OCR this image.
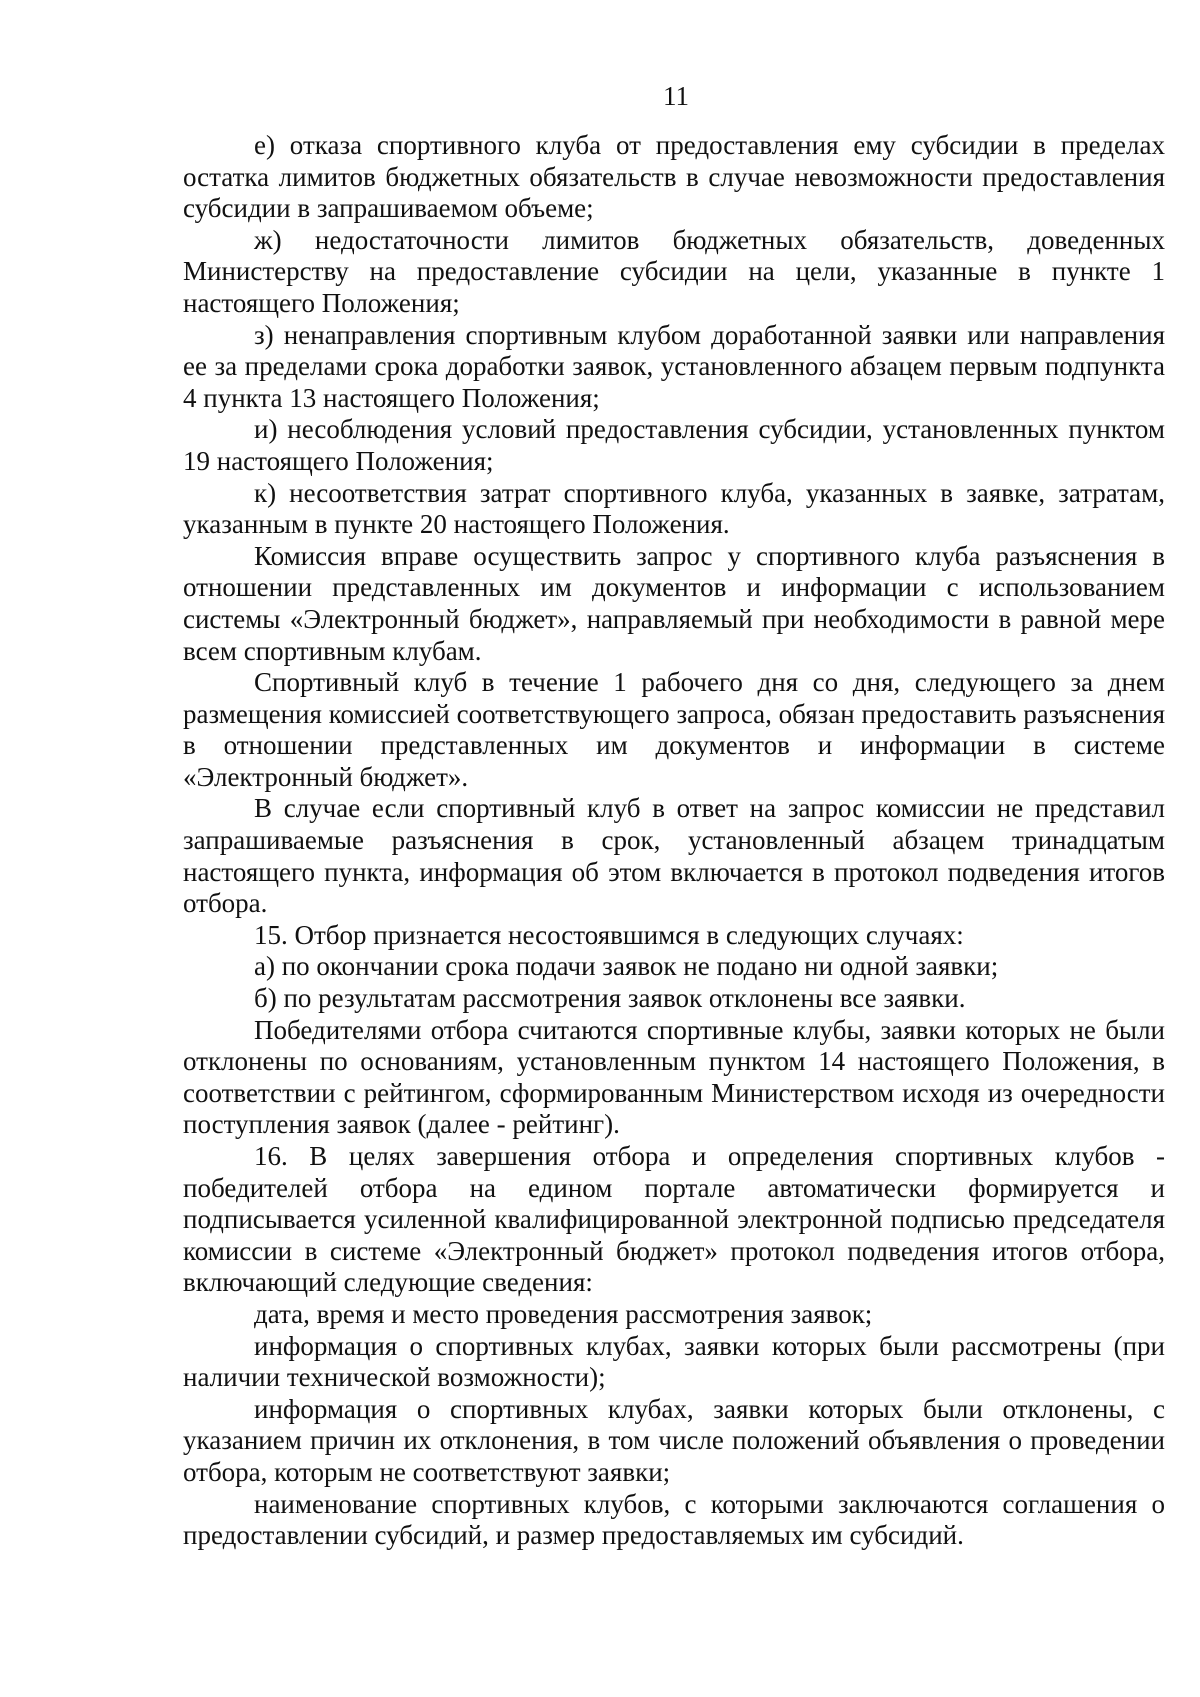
11

е) отказа спортивного клуба от предоставления ему субсидии в пределах остатка лимитов бюджетных обязательств в случае невозможности предоставления субсидии в запрашиваемом объеме;

ж) недостаточности лимитов бюджетных обязательств, доведенных Министерству на предоставление субсидии на цели, указанные в пункте 1 настоящего Положения;

з) ненаправления спортивным клубом доработанной заявки или направления ее за пределами срока доработки заявок, установленного абзацем первым подпункта 4 пункта 13 настоящего Положения;

и) несоблюдения условий предоставления субсидии, установленных пунктом 19 настоящего Положения;

к) несоответствия затрат спортивного клуба, указанных в заявке, затратам, указанным в пункте 20 настоящего Положения.

Комиссия вправе осуществить запрос у спортивного клуба разъяснения в отношении представленных им документов и информации с использованием системы «Электронный бюджет», направляемый при необходимости в равной мере всем спортивным клубам.

Спортивный клуб в течение 1 рабочего дня со дня, следующего за днем размещения комиссией соответствующего запроса, обязан предоставить разъяснения в отношении представленных им документов и информации в системе «Электронный бюджет».

В случае если спортивный клуб в ответ на запрос комиссии не представил запрашиваемые разъяснения в срок, установленный абзацем тринадцатым настоящего пункта, информация об этом включается в протокол подведения итогов отбора.

15. Отбор признается несостоявшимся в следующих случаях:

а) по окончании срока подачи заявок не подано ни одной заявки;

б) по результатам рассмотрения заявок отклонены все заявки.

Победителями отбора считаются спортивные клубы, заявки которых не были отклонены по основаниям, установленным пунктом 14 настоящего Положения, в соответствии с рейтингом, сформированным Министерством исходя из очередности поступления заявок (далее - рейтинг).

16. В целях завершения отбора и определения спортивных клубов - победителей отбора на едином портале автоматически формируется и подписывается усиленной квалифицированной электронной подписью председателя комиссии в системе «Электронный бюджет» протокол подведения итогов отбора, включающий следующие сведения:

дата, время и место проведения рассмотрения заявок;

информация о спортивных клубах, заявки которых были рассмотрены (при наличии технической возможности);

информация о спортивных клубах, заявки которых были отклонены, с указанием причин их отклонения, в том числе положений объявления о проведении отбора, которым не соответствуют заявки;

наименование спортивных клубов, с которыми заключаются соглашения о предоставлении субсидий, и размер предоставляемых им субсидий.
